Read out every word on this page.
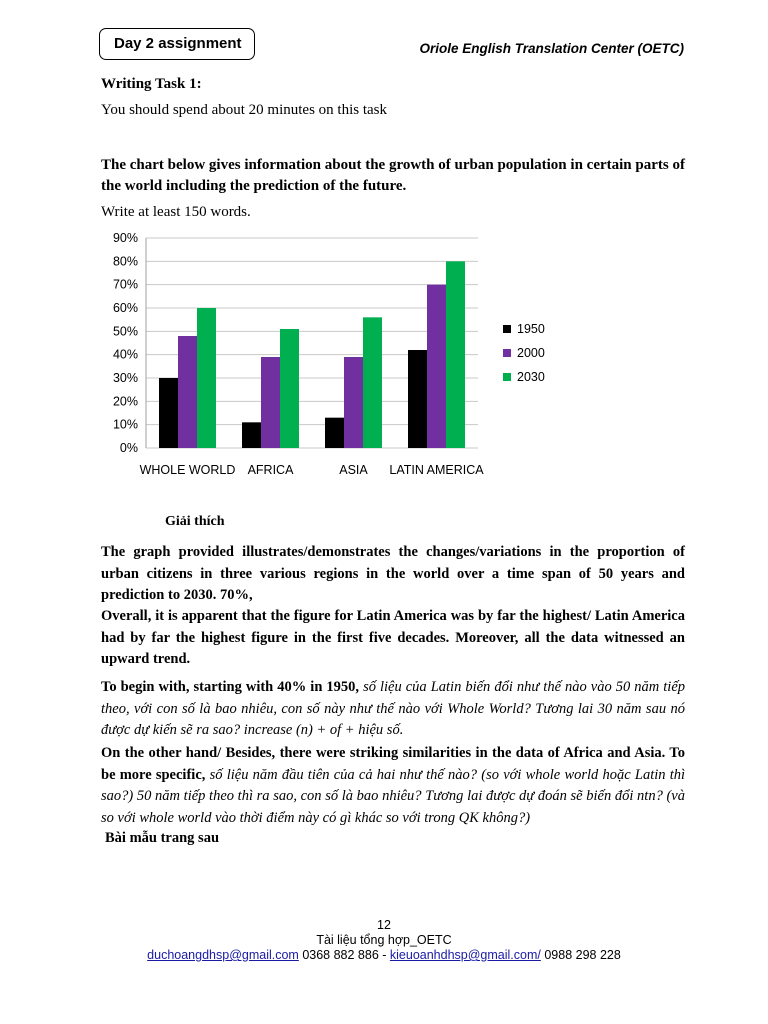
Day 2 assignment	Oriole English Translation Center (OETC)
Writing Task 1:
You should spend about 20 minutes on this task
The chart below gives information about the growth of urban population in certain parts of the world including the prediction of the future.
Write at least 150 words.
0%
10%
20%
30%
40%
50%
60%
70%
80%
90%
WHOLE WORLD AFRICA	ASIA LATIN AMERICA
1950
2000
2030
Giải thích
The graph provided illustrates/demonstrates the changes/variations in the proportion of urban citizens in three various regions in the world over a time span of 50 years and prediction to 2030. 70%,
Overall, it is apparent that the figure for Latin America was by far the highest/ Latin America had by far the highest figure in the first five decades. Moreover, all the data witnessed an upward trend.
To begin with, starting with 40% in 1950, số liệu của Latin biến đổi như thế nào vào 50 năm tiếp theo, với con số là bao nhiêu, con số này như thế nào với Whole World? Tương lai 30 năm sau nó được dự kiến sẽ ra sao? increase (n) + of + hiệu số.
On the other hand/ Besides, there were striking similarities in the data of Africa and Asia. To be more specific, số liệu năm đầu tiên của cả hai như thế nào? (so với whole world hoặc Latin thì sao?) 50 năm tiếp theo thì ra sao, con số là bao nhiêu? Tương lai được dự đoán sẽ biến đổi ntn? (và so với whole world vào thời điểm này có gì khác so với trong QK không?)
Bài mẫu trang sau
12
Tài liệu tổng hợp_OETC
duchoangdhsp@gmail.com 0368 882 886 - kieuoanhdhsp@gmail.com/ 0988 298 228
